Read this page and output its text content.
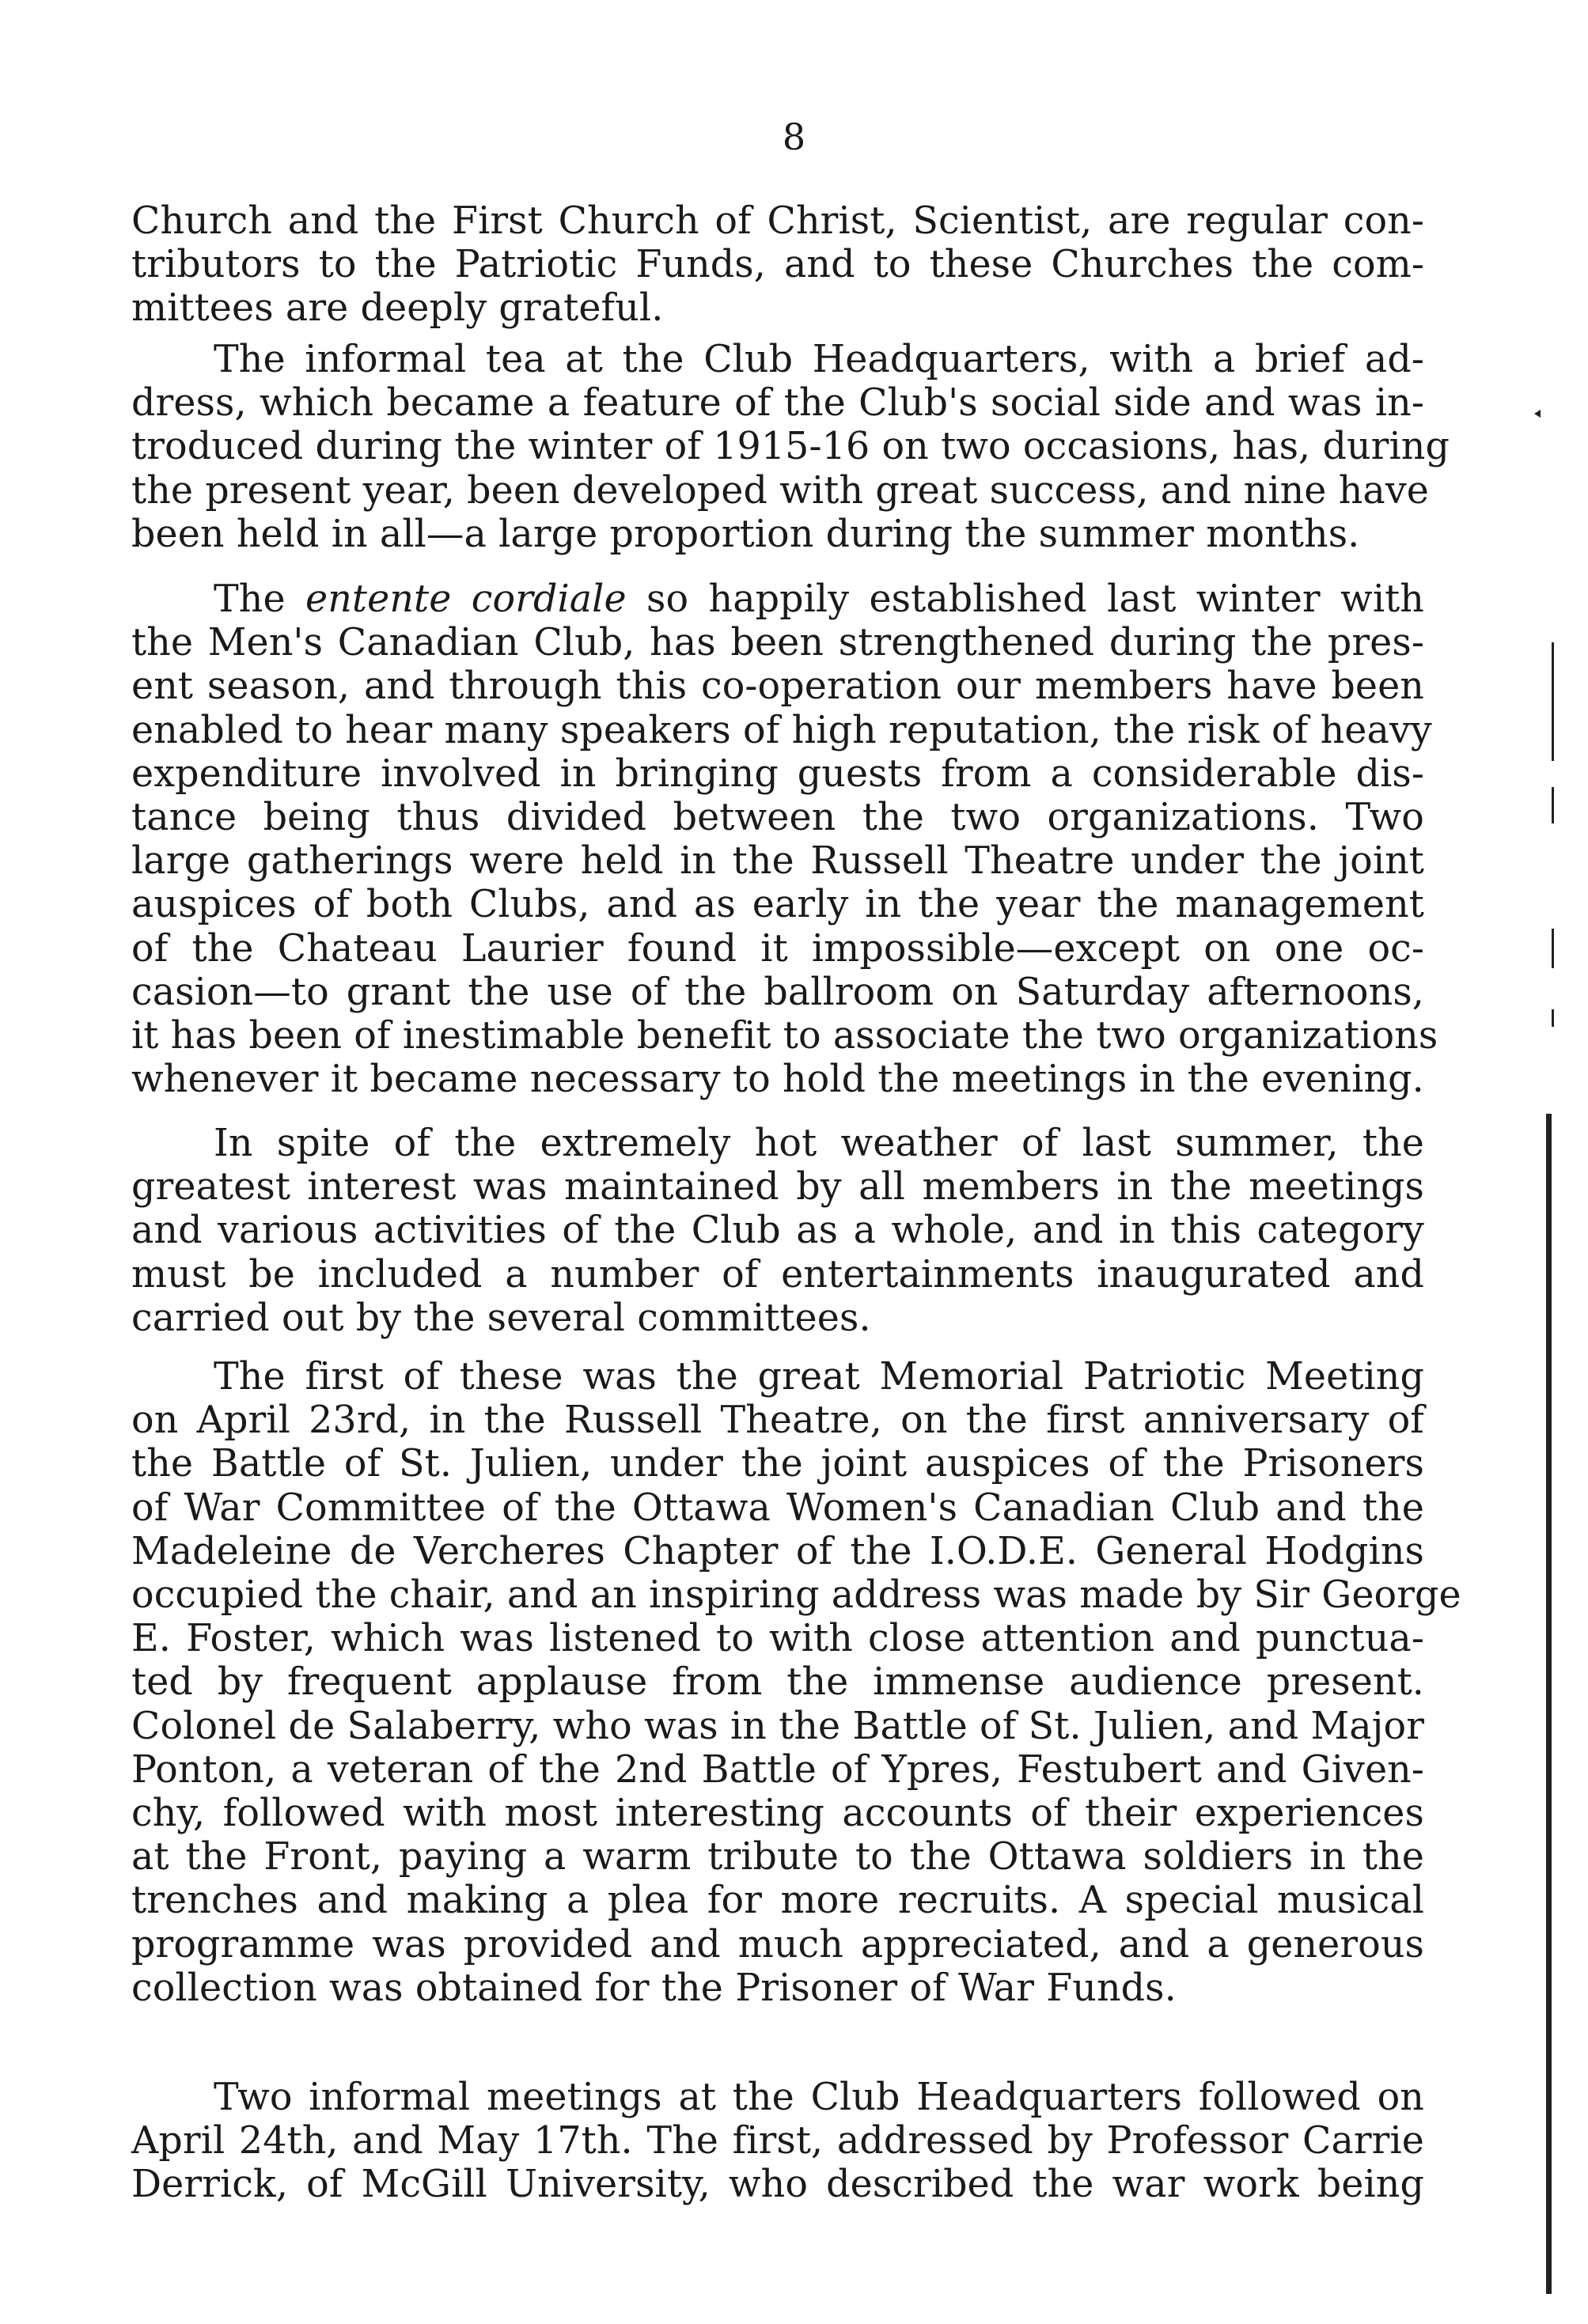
8
Church and the First Church of Christ, Scientist, are regular con-
tributors to the Patriotic Funds, and to these Churches the com-
mittees are deeply grateful.
The informal tea at the Club Headquarters, with a brief ad-
dress, which became a feature of the Club's social side and was in-
troduced during the winter of 1915-16 on two occasions, has, during
the present year, been developed with great success, and nine have
been held in all—a large proportion during the summer months.
The entente cordiale so happily established last winter with
the Men's Canadian Club, has been strengthened during the pres-
ent season, and through this co-operation our members have been
enabled to hear many speakers of high reputation, the risk of heavy
expenditure involved in bringing guests from a considerable dis-
tance being thus divided between the two organizations. Two
large gatherings were held in the Russell Theatre under the joint
auspices of both Clubs, and as early in the year the management
of the Chateau Laurier found it impossible—except on one oc-
casion—to grant the use of the ballroom on Saturday afternoons,
it has been of inestimable benefit to associate the two organizations
whenever it became necessary to hold the meetings in the evening.
In spite of the extremely hot weather of last summer, the
greatest interest was maintained by all members in the meetings
and various activities of the Club as a whole, and in this category
must be included a number of entertainments inaugurated and
carried out by the several committees.
The first of these was the great Memorial Patriotic Meeting
on April 23rd, in the Russell Theatre, on the first anniversary of
the Battle of St. Julien, under the joint auspices of the Prisoners
of War Committee of the Ottawa Women's Canadian Club and the
Madeleine de Vercheres Chapter of the I.O.D.E. General Hodgins
occupied the chair, and an inspiring address was made by Sir George
E. Foster, which was listened to with close attention and punctua-
ted by frequent applause from the immense audience present.
Colonel de Salaberry, who was in the Battle of St. Julien, and Major
Ponton, a veteran of the 2nd Battle of Ypres, Festubert and Given-
chy, followed with most interesting accounts of their experiences
at the Front, paying a warm tribute to the Ottawa soldiers in the
trenches and making a plea for more recruits. A special musical
programme was provided and much appreciated, and a generous
collection was obtained for the Prisoner of War Funds.
Two informal meetings at the Club Headquarters followed on
April 24th, and May 17th. The first, addressed by Professor Carrie
Derrick, of McGill University, who described the war work being
